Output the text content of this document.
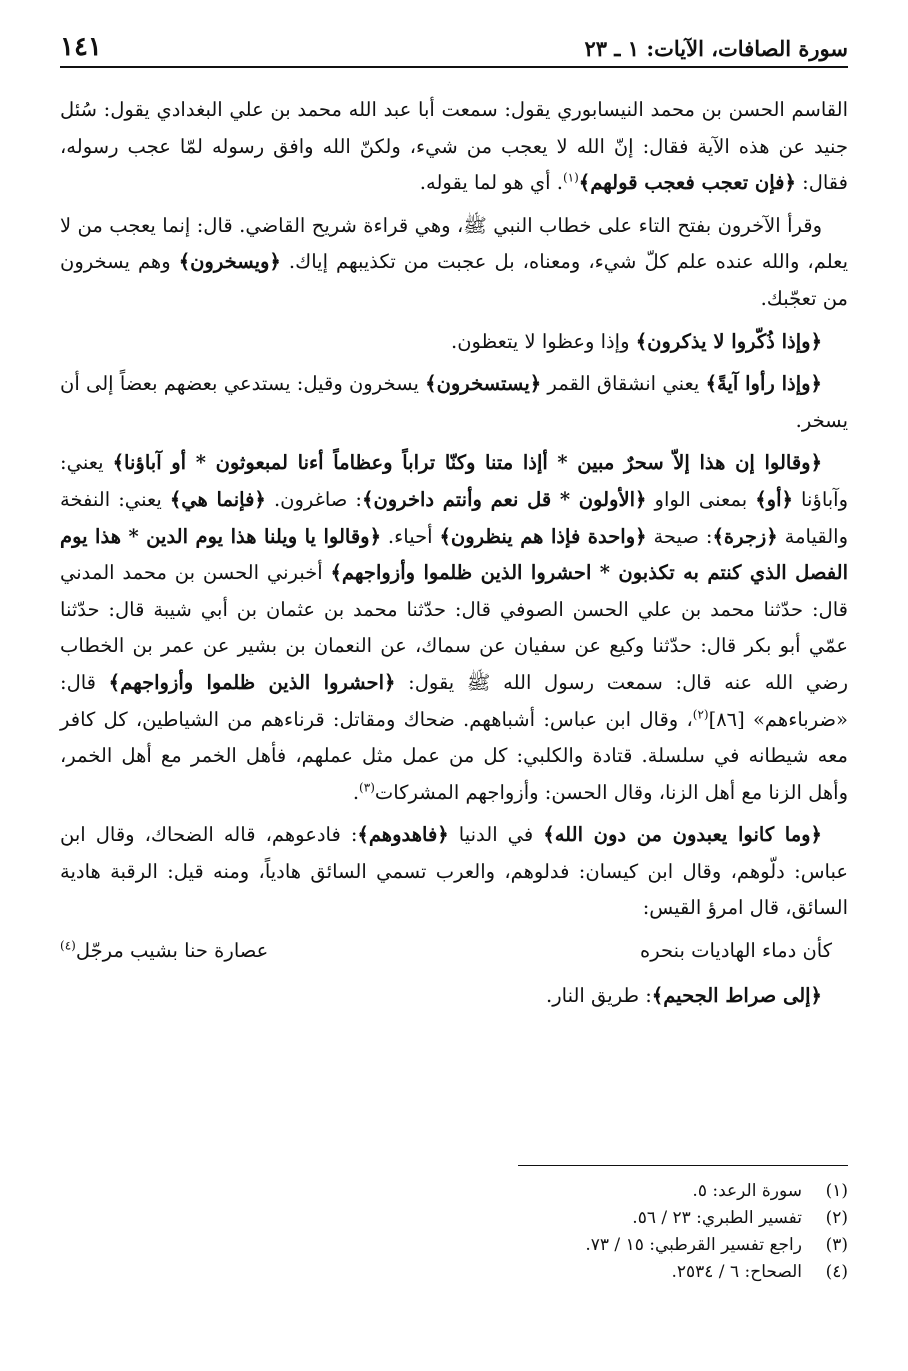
١٤١	سورة الصافات، الآيات: ١ ـ ٢٣

القاسم الحسن بن محمد النيسابوري يقول: سمعت أبا عبد الله محمد بن علي البغدادي يقول: سُئل جنيد عن هذه الآية فقال: إنّ الله لا يعجب من شيء، ولكنّ الله وافق رسوله لمّا عجب رسوله، فقال: ﴿فإن تعجب فعجب قولهم﴾$^{(١)}$. أي هو لما يقوله.

وقرأ الآخرون بفتح التاء على خطاب النبي ﷺ، وهي قراءة شريح القاضي. قال: إنما يعجب من لا يعلم، والله عنده علم كلّ شيء، ومعناه، بل عجبت من تكذيبهم إياك. ﴿ويسخرون﴾ وهم يسخرون من تعجّبك.

﴿وإذا ذُكّروا لا يذكرون﴾ وإذا وعظوا لا يتعظون.

﴿وإذا رأوا آيةً﴾ يعني انشقاق القمر ﴿يستسخرون﴾ يسخرون وقيل: يستدعي بعضهم بعضاً إلى أن يسخر.

﴿وقالوا إن هذا إلاّ سحرٌ مبين * أإذا متنا وكنّا تراباً وعظاماً أءنا لمبعوثون * أو آباؤنا﴾ يعني: وآباؤنا ﴿أو﴾ بمعنى الواو ﴿الأولون * قل نعم وأنتم داخرون﴾: صاغرون. ﴿فإنما هي﴾ يعني: النفخة والقيامة ﴿زجرة﴾: صيحة ﴿واحدة فإذا هم ينظرون﴾ أحياء. ﴿وقالوا يا ويلنا هذا يوم الدين * هذا يوم الفصل الذي كنتم به تكذبون * احشروا الذين ظلموا وأزواجهم﴾ أخبرني الحسن بن محمد المدني قال: حدّثنا محمد بن علي الحسن الصوفي قال: حدّثنا محمد بن عثمان بن أبي شيبة قال: حدّثنا عمّي أبو بكر قال: حدّثنا وكيع عن سفيان عن سماك، عن النعمان بن بشير عن عمر بن الخطاب رضي الله عنه قال: سمعت رسول الله ﷺ يقول: ﴿احشروا الذين ظلموا وأزواجهم﴾ قال: «ضرباءهم» [٨٦]$^{(٢)}$، وقال ابن عباس: أشباههم. ضحاك ومقاتل: قرناءهم من الشياطين، كل كافر معه شيطانه في سلسلة. قتادة والكلبي: كل من عمل مثل عملهم، فأهل الخمر مع أهل الخمر، وأهل الزنا مع أهل الزنا، وقال الحسن: وأزواجهم المشركات$^{(٣)}$.

﴿وما كانوا يعبدون من دون الله﴾ في الدنيا ﴿فاهدوهم﴾: فادعوهم، قاله الضحاك، وقال ابن عباس: دلّوهم، وقال ابن كيسان: فدلوهم، والعرب تسمي السائق هادياً، ومنه قيل: الرقبة هادية السائق، قال امرؤ القيس:

كأن دماء الهاديات بنحره
عصارة حنا بشيب مرجّل$^{(٤)}$

﴿إلى صراط الجحيم﴾: طريق النار.

(١)
سورة الرعد: ٥.
(٢)
تفسير الطبري: ٢٣ / ٥٦.
(٣)
راجع تفسير القرطبي: ١٥ / ٧٣.
(٤)
الصحاح: ٦ / ٢٥٣٤.
